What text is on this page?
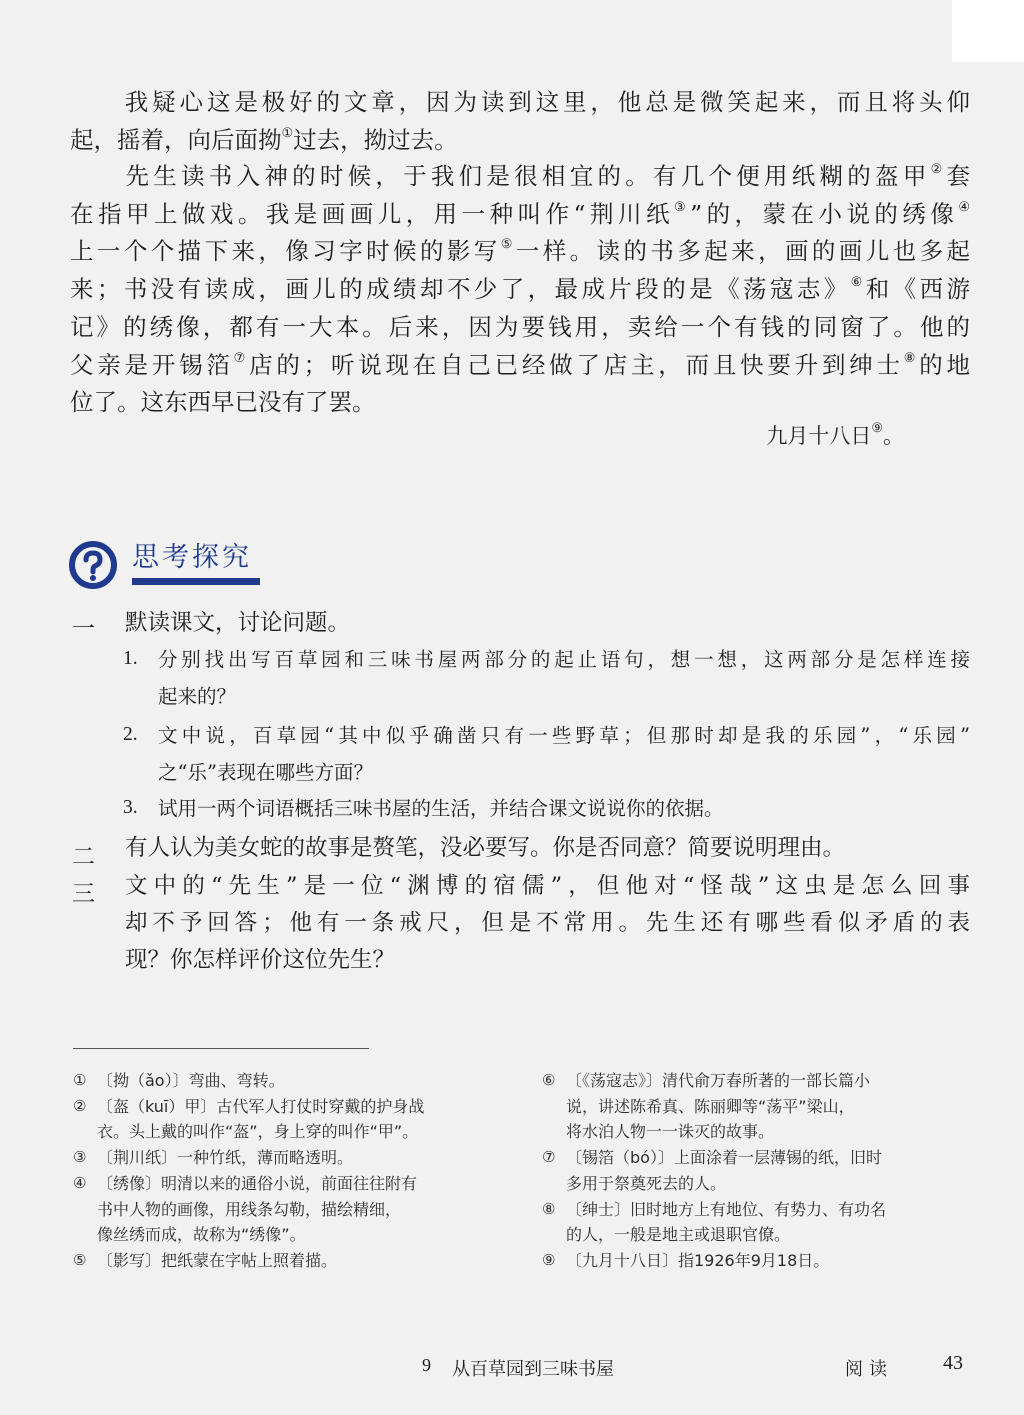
　　我疑心这是极好的文章，因为读到这里，他总是微笑起来，而且将头仰
起，摇着，向后面拗①过去，拗过去。
　　先生读书入神的时候，于我们是很相宜的。有几个便用纸糊的盔甲②套
在指甲上做戏。我是画画儿，用一种叫作“荆川纸③”的，蒙在小说的绣像④
上一个个描下来，像习字时候的影写⑤一样。读的书多起来，画的画儿也多起
来；书没有读成，画儿的成绩却不少了，最成片段的是《荡寇志》⑥和《西游
记》的绣像，都有一大本。后来，因为要钱用，卖给一个有钱的同窗了。他的
父亲是开锡箔⑦店的；听说现在自己已经做了店主，而且快要升到绅士⑧的地
位了。这东西早已没有了罢。
九月十八日⑨。
思考探究
一 默读课文，讨论问题。
1. 分别找出写百草园和三味书屋两部分的起止语句，想一想，这两部分是怎样连接
起来的？
2. 文中说，百草园“其中似乎确凿只有一些野草；但那时却是我的乐园”，“乐园”
之“乐”表现在哪些方面？
3. 试用一两个词语概括三味书屋的生活，并结合课文说说你的依据。
二 有人认为美女蛇的故事是赘笔，没必要写。你是否同意？简要说明理由。
三 文中的“先生”是一位“渊博的宿儒”，但他对“怪哉”这虫是怎么回事
却不予回答；他有一条戒尺，但是不常用。先生还有哪些看似矛盾的表
现？你怎样评价这位先生？
① 〔拗（ǎo）〕弯曲、弯转。
② 〔盔（kuī）甲〕古代军人打仗时穿戴的护身战
衣。头上戴的叫作“盔”，身上穿的叫作“甲”。
③ 〔荆川纸〕一种竹纸，薄而略透明。
④ 〔绣像〕明清以来的通俗小说，前面往往附有
书中人物的画像，用线条勾勒，描绘精细，
像丝绣而成，故称为“绣像”。
⑤ 〔影写〕把纸蒙在字帖上照着描。
⑥ 〔《荡寇志》〕清代俞万春所著的一部长篇小
说，讲述陈希真、陈丽卿等“荡平”梁山，
将水泊人物一一诛灭的故事。
⑦ 〔锡箔（bó）〕上面涂着一层薄锡的纸，旧时
多用于祭奠死去的人。
⑧ 〔绅士〕旧时地方上有地位、有势力、有功名
的人，一般是地主或退职官僚。
⑨ 〔九月十八日〕指1926年9月18日。
9 从百草园到三味书屋	阅读	43
